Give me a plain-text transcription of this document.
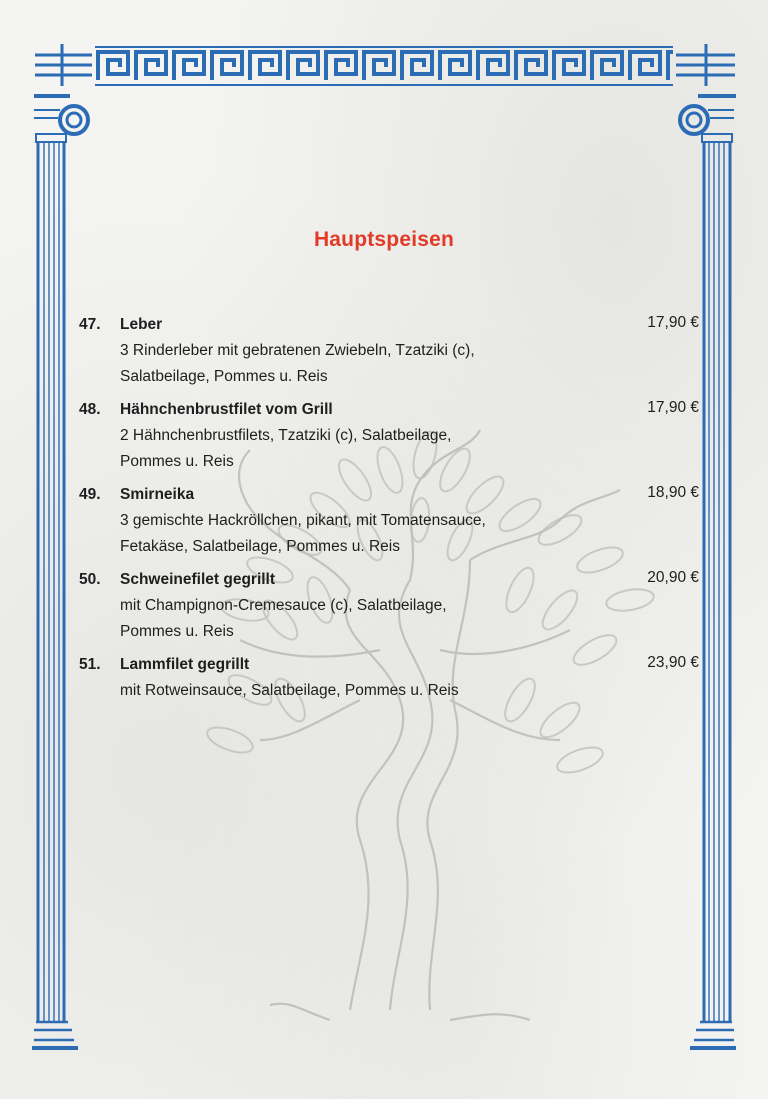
Hauptspeisen
47. Leber	17,90 €
3 Rinderleber mit gebratenen Zwiebeln, Tzatziki (c),
Salatbeilage, Pommes u. Reis
48. Hähnchenbrustfilet vom Grill	17,90 €
2 Hähnchenbrustfilets, Tzatziki (c), Salatbeilage,
Pommes u. Reis
49. Smirneika	18,90 €
3 gemischte Hackröllchen, pikant, mit Tomatensauce,
Fetakäse, Salatbeilage, Pommes u. Reis
50. Schweinefilet gegrillt	20,90 €
mit Champignon-Cremesauce (c), Salatbeilage,
Pommes u. Reis
51. Lammfilet gegrillt	23,90 €
mit Rotweinsauce, Salatbeilage, Pommes u. Reis
